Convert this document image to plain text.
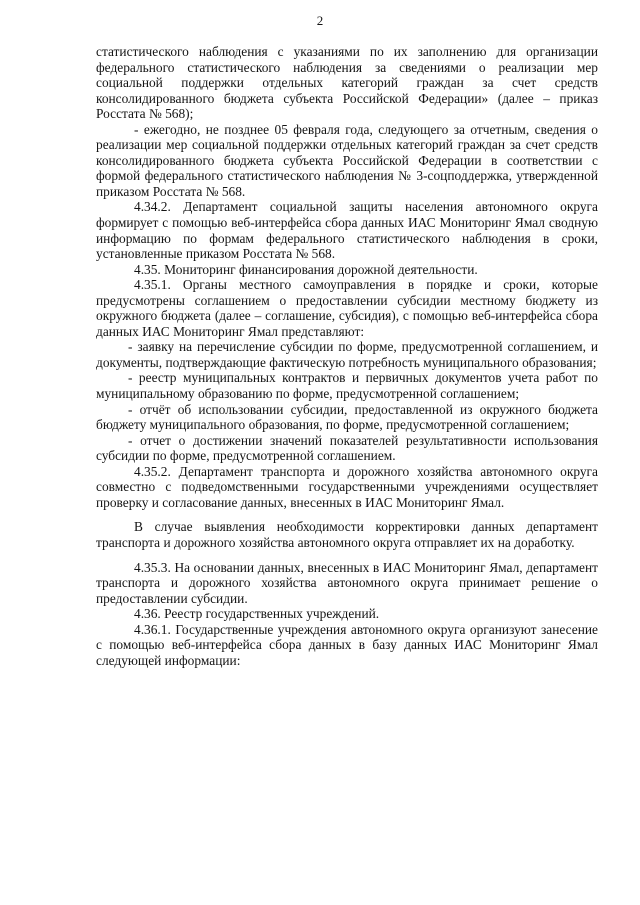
2

статистического наблюдения с указаниями по их заполнению для организации федерального статистического наблюдения за сведениями о реализации мер социальной поддержки отдельных категорий граждан за счет средств консолидированного бюджета субъекта Российской Федерации» (далее – приказ Росстата № 568);

- ежегодно, не позднее 05 февраля года, следующего за отчетным, сведения о реализации мер социальной поддержки отдельных категорий граждан за счет средств консолидированного бюджета субъекта Российской Федерации в соответствии с формой федерального статистического наблюдения № 3-соцподдержка, утвержденной приказом Росстата № 568.

4.34.2. Департамент социальной защиты населения автономного округа формирует с помощью веб-интерфейса сбора данных ИАС Мониторинг Ямал сводную информацию по формам федерального статистического наблюдения в сроки, установленные приказом Росстата № 568.

4.35. Мониторинг финансирования дорожной деятельности.

4.35.1. Органы местного самоуправления в порядке и сроки, которые предусмотрены соглашением о предоставлении субсидии местному бюджету из окружного бюджета (далее – соглашение, субсидия), с помощью веб-интерфейса сбора данных ИАС Мониторинг Ямал представляют:

- заявку на перечисление субсидии по форме, предусмотренной соглашением, и документы, подтверждающие фактическую потребность муниципального образования;

- реестр муниципальных контрактов и первичных документов учета работ по муниципальному образованию по форме, предусмотренной соглашением;

- отчёт об использовании субсидии, предоставленной из окружного бюджета бюджету муниципального образования, по форме, предусмотренной соглашением;

- отчет о достижении значений показателей результативности использования субсидии по форме, предусмотренной соглашением.

4.35.2. Департамент транспорта и дорожного хозяйства автономного округа совместно с подведомственными государственными учреждениями осуществляет проверку и согласование данных, внесенных в ИАС Мониторинг Ямал.

В случае выявления необходимости корректировки данных департамент транспорта и дорожного хозяйства автономного округа отправляет их на доработку.

4.35.3. На основании данных, внесенных в ИАС Мониторинг Ямал, департамент транспорта и дорожного хозяйства автономного округа принимает решение о предоставлении субсидии.

4.36. Реестр государственных учреждений.

4.36.1. Государственные учреждения автономного округа организуют занесение с помощью веб-интерфейса сбора данных в базу данных ИАС Мониторинг Ямал следующей информации:
